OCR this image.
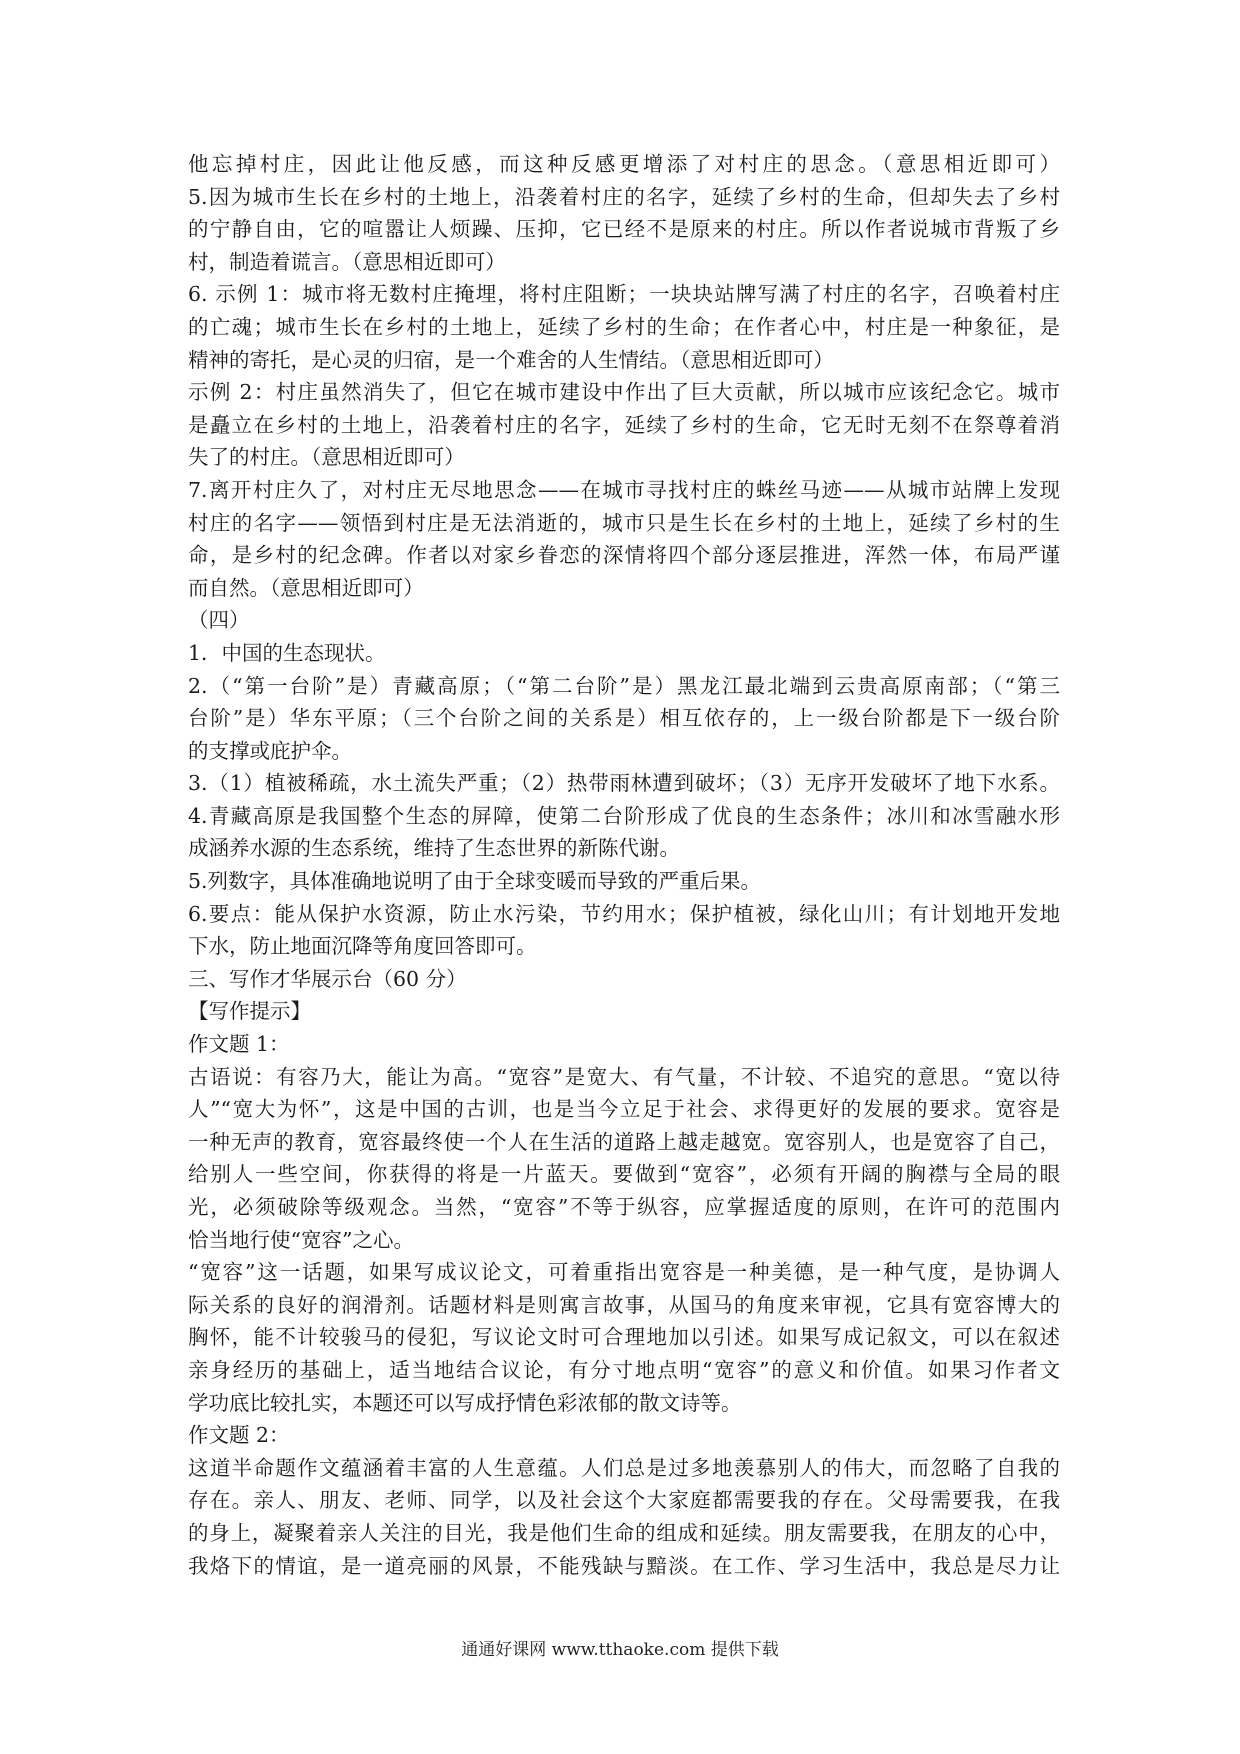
他忘掉村庄，因此让他反感，而这种反感更增添了对村庄的思念。（意思相近即可）
5.因为城市生长在乡村的土地上，沿袭着村庄的名字，延续了乡村的生命，但却失去了乡村
的宁静自由，它的喧嚣让人烦躁、压抑，它已经不是原来的村庄。所以作者说城市背叛了乡
村，制造着谎言。（意思相近即可）
6. 示例 1：城市将无数村庄掩埋，将村庄阻断；一块块站牌写满了村庄的名字，召唤着村庄
的亡魂；城市生长在乡村的土地上，延续了乡村的生命；在作者心中，村庄是一种象征，是
精神的寄托，是心灵的归宿，是一个难舍的人生情结。（意思相近即可）
示例 2：村庄虽然消失了，但它在城市建设中作出了巨大贡献，所以城市应该纪念它。城市
是矗立在乡村的土地上，沿袭着村庄的名字，延续了乡村的生命，它无时无刻不在祭尊着消
失了的村庄。（意思相近即可）
7.离开村庄久了，对村庄无尽地思念——在城市寻找村庄的蛛丝马迹——从城市站牌上发现
村庄的名字——领悟到村庄是无法消逝的，城市只是生长在乡村的土地上，延续了乡村的生
命，是乡村的纪念碑。作者以对家乡眷恋的深情将四个部分逐层推进，浑然一体，布局严谨
而自然。（意思相近即可）
（四）
1．中国的生态现状。
2.（“第一台阶”是）青藏高原；（“第二台阶”是）黑龙江最北端到云贵高原南部；（“第三
台阶”是）华东平原；（三个台阶之间的关系是）相互依存的，上一级台阶都是下一级台阶
的支撑或庇护伞。
3.（1）植被稀疏，水土流失严重；（2）热带雨林遭到破坏；（3）无序开发破坏了地下水系。
4.青藏高原是我国整个生态的屏障，使第二台阶形成了优良的生态条件；冰川和冰雪融水形
成涵养水源的生态系统，维持了生态世界的新陈代谢。
5.列数字，具体准确地说明了由于全球变暖而导致的严重后果。
6.要点：能从保护水资源，防止水污染，节约用水；保护植被，绿化山川；有计划地开发地
下水，防止地面沉降等角度回答即可。
三、写作才华展示台（60 分）
【写作提示】
作文题 1：
古语说：有容乃大，能让为高。“宽容”是宽大、有气量，不计较、不追究的意思。“宽以待
人”“宽大为怀”，这是中国的古训，也是当今立足于社会、求得更好的发展的要求。宽容是
一种无声的教育，宽容最终使一个人在生活的道路上越走越宽。宽容别人，也是宽容了自己，
给别人一些空间，你获得的将是一片蓝天。要做到“宽容”，必须有开阔的胸襟与全局的眼
光，必须破除等级观念。当然，“宽容”不等于纵容，应掌握适度的原则，在许可的范围内
恰当地行使“宽容”之心。
“宽容”这一话题，如果写成议论文，可着重指出宽容是一种美德，是一种气度，是协调人
际关系的良好的润滑剂。话题材料是则寓言故事，从国马的角度来审视，它具有宽容博大的
胸怀，能不计较骏马的侵犯，写议论文时可合理地加以引述。如果写成记叙文，可以在叙述
亲身经历的基础上，适当地结合议论，有分寸地点明“宽容”的意义和价值。如果习作者文
学功底比较扎实，本题还可以写成抒情色彩浓郁的散文诗等。
作文题 2：
这道半命题作文蕴涵着丰富的人生意蕴。人们总是过多地羡慕别人的伟大，而忽略了自我的
存在。亲人、朋友、老师、同学，以及社会这个大家庭都需要我的存在。父母需要我，在我
的身上，凝聚着亲人关注的目光，我是他们生命的组成和延续。朋友需要我，在朋友的心中，
我烙下的情谊，是一道亮丽的风景，不能残缺与黯淡。在工作、学习生活中，我总是尽力让
通通好课网 www.tthaoke.com 提供下载
